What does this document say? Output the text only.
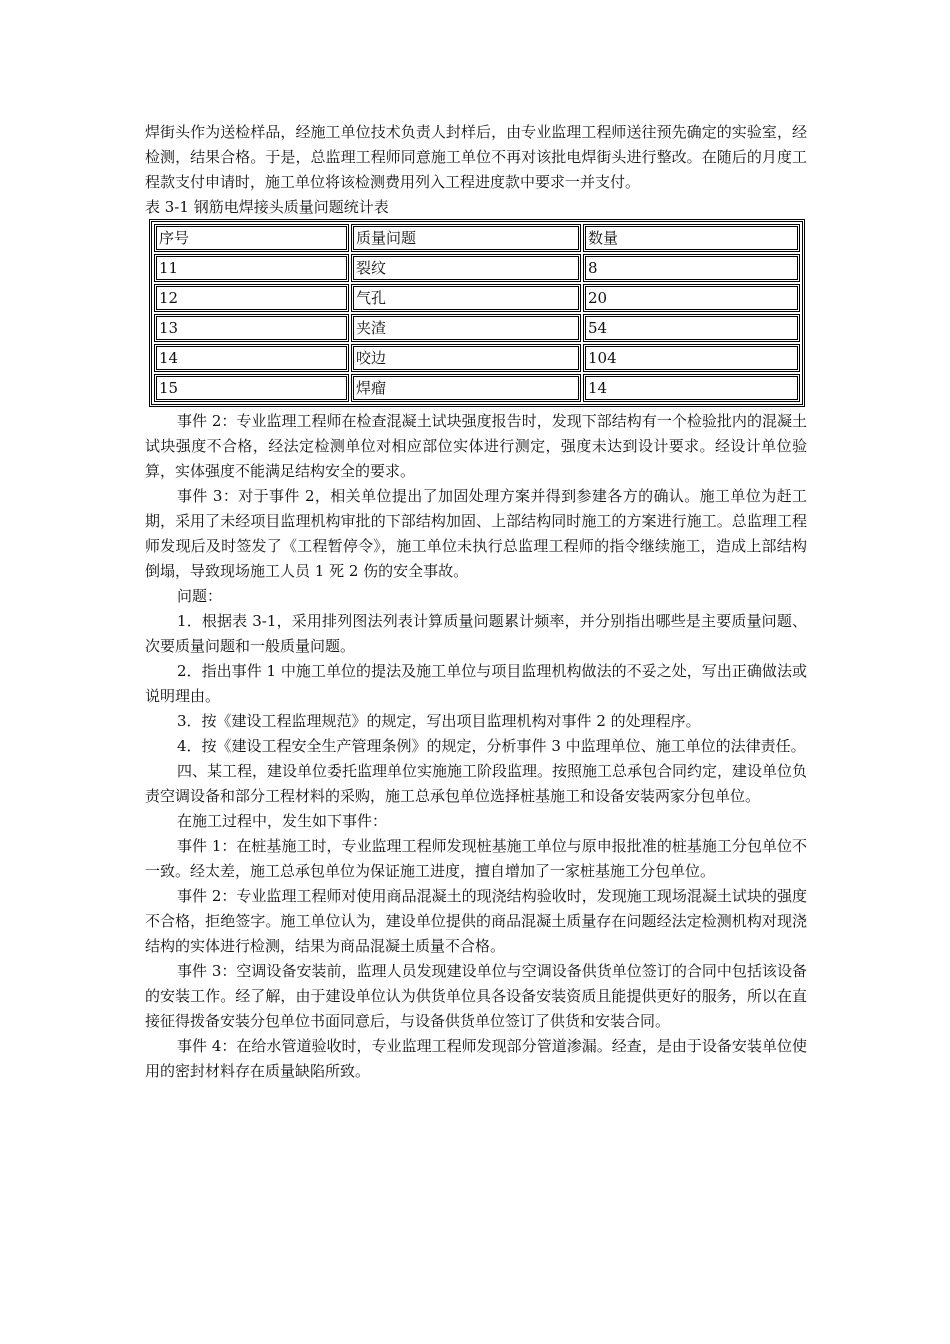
焊街头作为送检样品，经施工单位技术负责人封样后，由专业监理工程师送往预先确定的实验室，经检测，结果合格。于是，总监理工程师同意施工单位不再对该批电焊街头进行整改。在随后的月度工程款支付申请时，施工单位将该检测费用列入工程进度款中要求一并支付。

表 3-1 钢筋电焊接头质量问题统计表

序号	质量问题	数量
11	裂纹	8
12	气孔	20
13	夹渣	54
14	咬边	104
15	焊瘤	14

事件 2：专业监理工程师在检查混凝土试块强度报告时，发现下部结构有一个检验批内的混凝土试块强度不合格，经法定检测单位对相应部位实体进行测定，强度未达到设计要求。经设计单位验算，实体强度不能满足结构安全的要求。

事件 3：对于事件 2，相关单位提出了加固处理方案并得到参建各方的确认。施工单位为赶工期，采用了未经项目监理机构审批的下部结构加固、上部结构同时施工的方案进行施工。总监理工程师发现后及时签发了《工程暂停令》，施工单位未执行总监理工程师的指令继续施工，造成上部结构倒塌，导致现场施工人员 1 死 2 伤的安全事故。

问题：

1．根据表 3-1，采用排列图法列表计算质量问题累计频率，并分别指出哪些是主要质量问题、次要质量问题和一般质量问题。

2．指出事件 1 中施工单位的提法及施工单位与项目监理机构做法的不妥之处，写出正确做法或说明理由。

3．按《建设工程监理规范》的规定，写出项目监理机构对事件 2 的处理程序。

4．按《建设工程安全生产管理条例》的规定，分析事件 3 中监理单位、施工单位的法律责任。

四、某工程，建设单位委托监理单位实施施工阶段监理。按照施工总承包合同约定，建设单位负责空调设备和部分工程材料的采购，施工总承包单位选择桩基施工和设备安装两家分包单位。

在施工过程中，发生如下事件：

事件 1：在桩基施工时，专业监理工程师发现桩基施工单位与原申报批准的桩基施工分包单位不一致。经太差，施工总承包单位为保证施工进度，擅自增加了一家桩基施工分包单位。

事件 2：专业监理工程师对使用商品混凝土的现浇结构验收时，发现施工现场混凝土试块的强度不合格，拒绝签字。施工单位认为，建设单位提供的商品混凝土质量存在问题经法定检测机构对现浇结构的实体进行检测，结果为商品混凝土质量不合格。

事件 3：空调设备安装前，监理人员发现建设单位与空调设备供货单位签订的合同中包括该设备的安装工作。经了解，由于建设单位认为供货单位具各设备安装资质且能提供更好的服务，所以在直接征得拨备安装分包单位书面同意后，与设备供货单位签订了供货和安装合同。

事件 4：在给水管道验收时，专业监理工程师发现部分管道渗漏。经查，是由于设备安装单位使用的密封材料存在质量缺陷所致。
